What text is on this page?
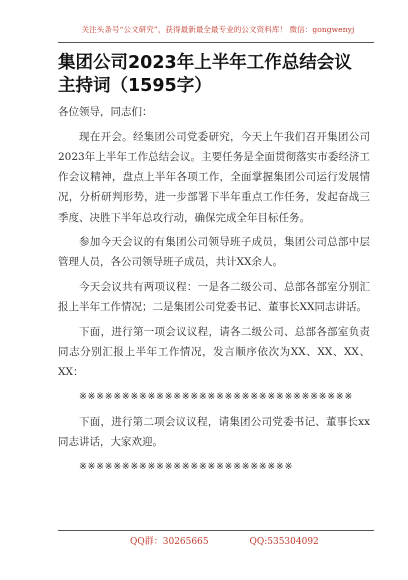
关注头条号“公文研究”，获得最新最全最专业的公文资料库！ 微信：gongwenyj
集团公司2023年上半年工作总结会议主持词（1595字）

各位领导，同志们：

现在开会。经集团公司党委研究，今天上午我们召开集团公司2023年上半年工作总结会议。主要任务是全面贯彻落实市委经济工作会议精神，盘点上半年各项工作，全面掌握集团公司运行发展情况，分析研判形势，进一步部署下半年重点工作任务，发起奋战三季度、决胜下半年总攻行动，确保完成全年目标任务。

参加今天会议的有集团公司领导班子成员，集团公司总部中层管理人员，各公司领导班子成员，共计XX余人。

今天会议共有两项议程：一是各二级公司、总部各部室分别汇报上半年工作情况；二是集团公司党委书记、董事长XX同志讲话。

下面，进行第一项会议议程，请各二级公司、总部各部室负责同志分别汇报上半年工作情况，发言顺序依次为XX、XX、XX、XX：

※※※※※※※※※※※※※※※※※※※※※※※※※※※※※※※※

下面，进行第二项会议议程，请集团公司党委书记、董事长xx同志讲话，大家欢迎。

※※※※※※※※※※※※※※※※※※※※※※※※※

QQ群：30265665	QQ:535304092
